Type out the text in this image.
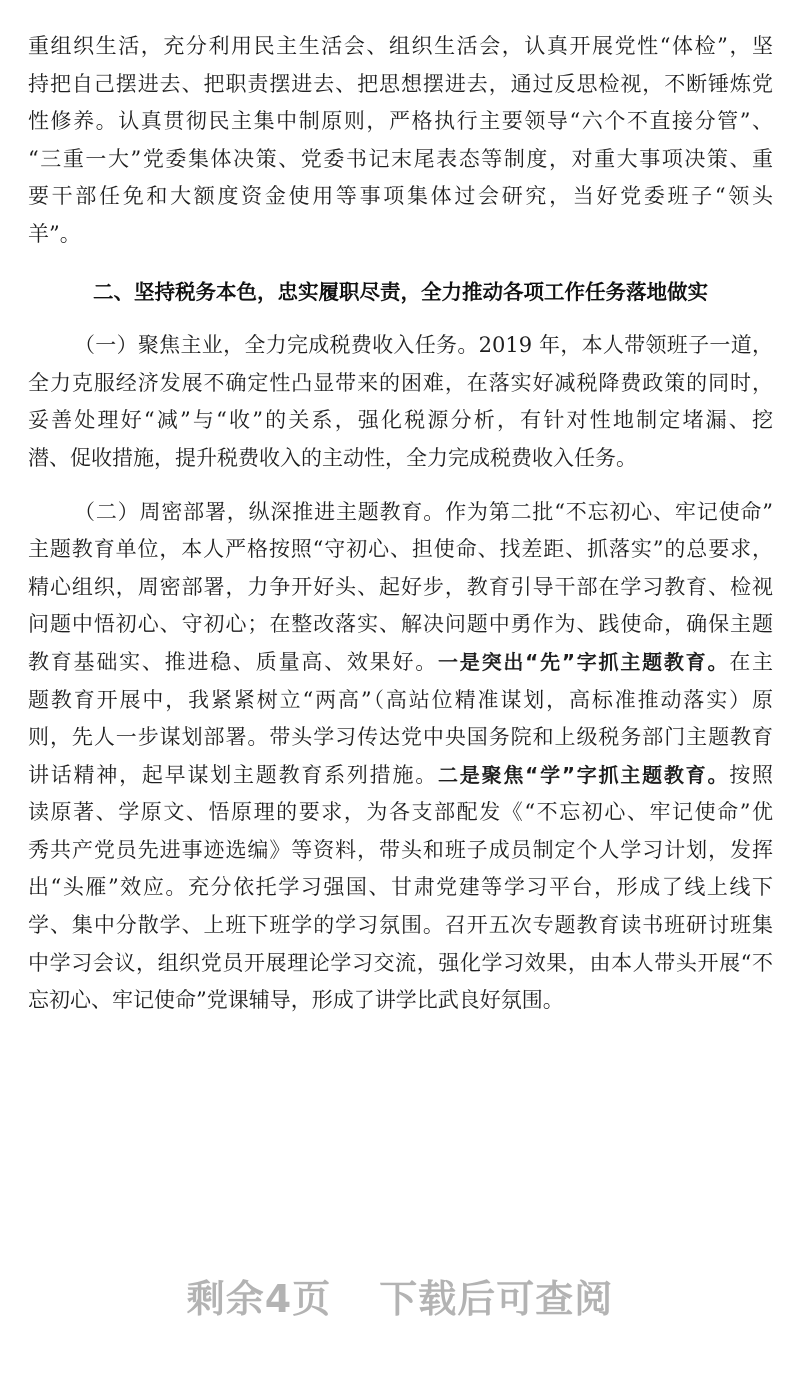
重组织生活，充分利用民主生活会、组织生活会，认真开展党性“体检”，坚
持把自己摆进去、把职责摆进去、把思想摆进去，通过反思检视，不断锤炼党
性修养。认真贯彻民主集中制原则，严格执行主要领导“六个不直接分管”、
“三重一大”党委集体决策、党委书记末尾表态等制度，对重大事项决策、重
要干部任免和大额度资金使用等事项集体过会研究，当好党委班子“领头
羊”。
二、坚持税务本色，忠实履职尽责，全力推动各项工作任务落地做实
（一）聚焦主业，全力完成税费收入任务。2019 年，本人带领班子一道，
全力克服经济发展不确定性凸显带来的困难，在落实好减税降费政策的同时，
妥善处理好“减”与“收”的关系，强化税源分析，有针对性地制定堵漏、挖
潜、促收措施，提升税费收入的主动性，全力完成税费收入任务。
（二）周密部署，纵深推进主题教育。作为第二批“不忘初心、牢记使命”
主题教育单位，本人严格按照“守初心、担使命、找差距、抓落实”的总要求，
精心组织，周密部署，力争开好头、起好步，教育引导干部在学习教育、检视
问题中悟初心、守初心；在整改落实、解决问题中勇作为、践使命，确保主题
教育基础实、推进稳、质量高、效果好。一是突出“先”字抓主题教育。在主
题教育开展中，我紧紧树立“两高”（高站位精准谋划，高标准推动落实）原
则，先人一步谋划部署。带头学习传达党中央国务院和上级税务部门主题教育
讲话精神，起早谋划主题教育系列措施。二是聚焦“学”字抓主题教育。按照
读原著、学原文、悟原理的要求，为各支部配发《“不忘初心、牢记使命”优
秀共产党员先进事迹选编》等资料，带头和班子成员制定个人学习计划，发挥
出“头雁”效应。充分依托学习强国、甘肃党建等学习平台，形成了线上线下
学、集中分散学、上班下班学的学习氛围。召开五次专题教育读书班研讨班集
中学习会议，组织党员开展理论学习交流，强化学习效果，由本人带头开展“不
忘初心、牢记使命”党课辅导，形成了讲学比武良好氛围。
剩余4页 下载后可查阅
